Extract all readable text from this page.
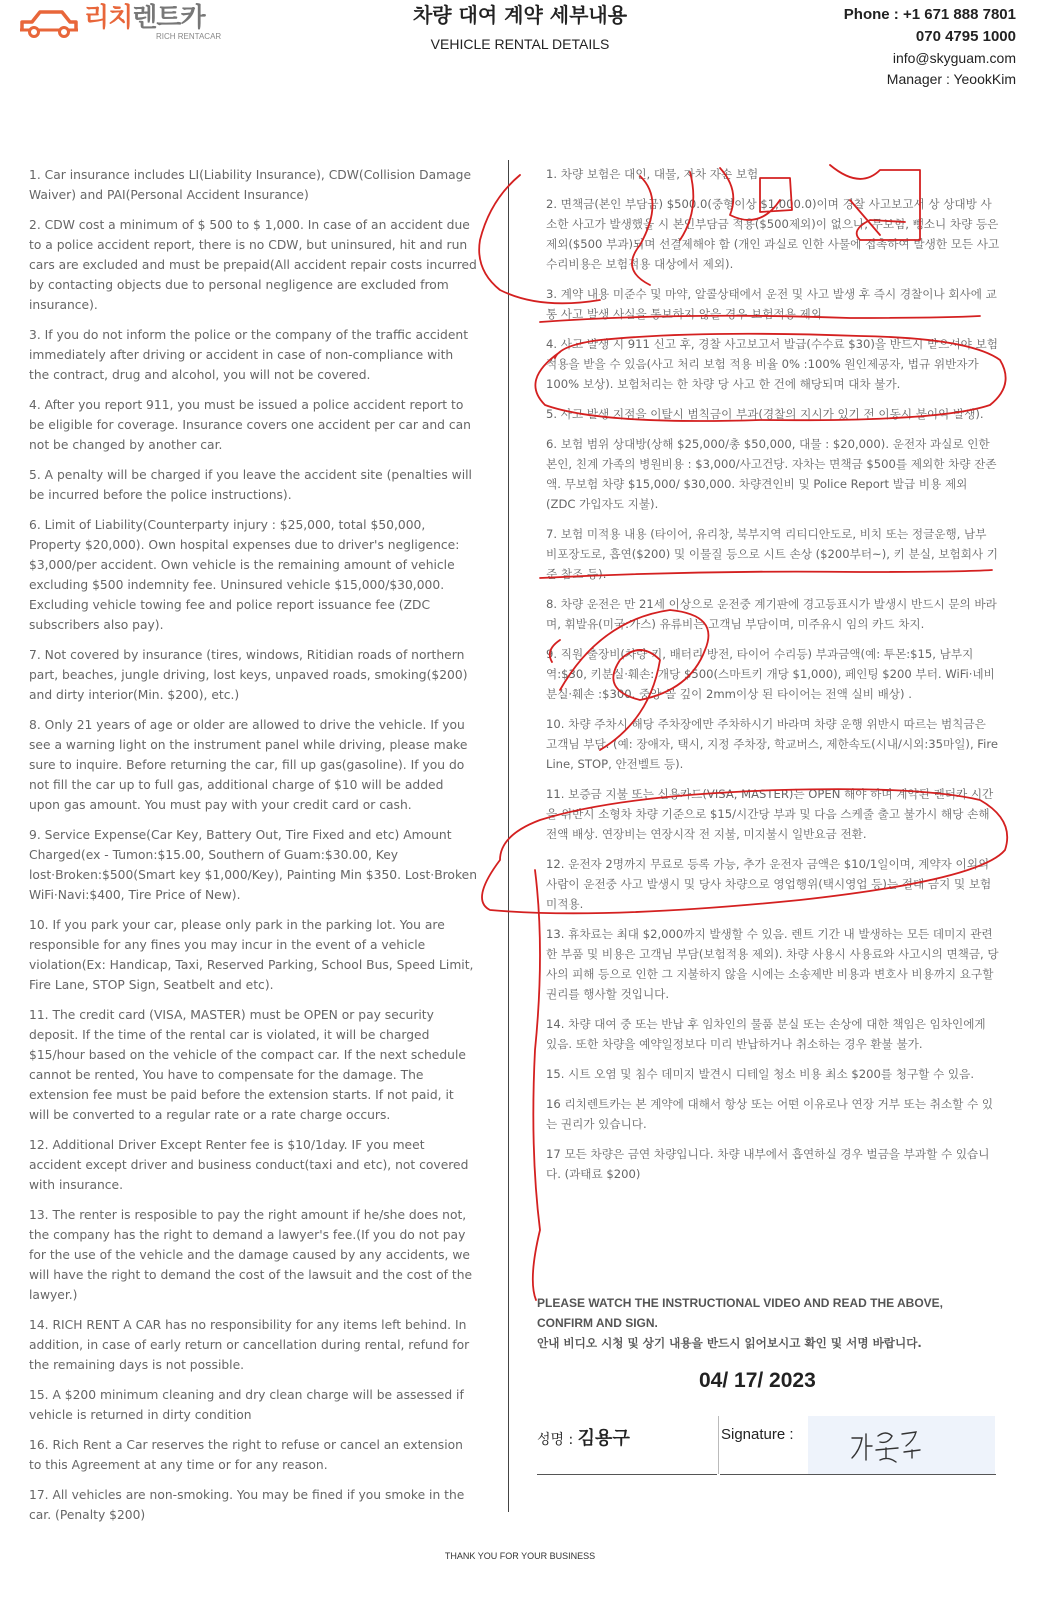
리치렌트카
RICH RENTACAR
차량 대여 계약 세부내용
VEHICLE RENTAL DETAILS
Phone : +1 671 888 7801
070 4795 1000
info@skyguam.com
Manager : YeookKim

1. Car insurance includes LI(Liability Insurance), CDW(Collision Damage Waiver) and PAI(Personal Accident Insurance)

2. CDW cost a minimum of $ 500 to $ 1,000. In case of an accident due to a police accident report, there is no CDW, but uninsured, hit and run cars are excluded and must be prepaid(All accident repair costs incurred by contacting objects due to personal negligence are excluded from insurance).

3. If you do not inform the police or the company of the traffic accident immediately after driving or accident in case of non-compliance with the contract, drug and alcohol, you will not be covered.

4. After you report 911, you must be issued a police accident report to be eligible for coverage. Insurance covers one accident per car and can not be changed by another car.

5. A penalty will be charged if you leave the accident site (penalties will be incurred before the police instructions).

6. Limit of Liability(Counterparty injury : $25,000, total $50,000, Property $20,000). Own hospital expenses due to driver's negligence: $3,000/per accident. Own vehicle is the remaining amount of vehicle excluding $500 indemnity fee. Uninsured vehicle $15,000/$30,000. Excluding vehicle towing fee and police report issuance fee (ZDC subscribers also pay).

7. Not covered by insurance (tires, windows, Ritidian roads of northern part, beaches, jungle driving, lost keys, unpaved roads, smoking($200) and dirty interior(Min. $200), etc.)

8. Only 21 years of age or older are allowed to drive the vehicle. If you see a warning light on the instrument panel while driving, please make sure to inquire. Before returning the car, fill up gas(gasoline). If you do not fill the car up to full gas, additional charge of $10 will be added upon gas amount. You must pay with your credit card or cash.

9. Service Expense(Car Key, Battery Out, Tire Fixed and etc) Amount Charged(ex - Tumon:$15.00, Southern of Guam:$30.00, Key lost·Broken:$500(Smart key $1,000/Key), Painting Min $350. Lost·Broken WiFi·Navi:$400, Tire Price of New).

10. If you park your car, please only park in the parking lot. You are responsible for any fines you may incur in the event of a vehicle violation(Ex: Handicap, Taxi, Reserved Parking, School Bus, Speed Limit, Fire Lane, STOP Sign, Seatbelt and etc).

11. The credit card (VISA, MASTER) must be OPEN or pay security deposit. If the time of the rental car is violated, it will be charged $15/hour based on the vehicle of the compact car. If the next schedule cannot be rented, You have to compensate for the damage. The extension fee must be paid before the extension starts. If not paid, it will be converted to a regular rate or a rate charge occurs.

12. Additional Driver Except Renter fee is $10/1day. IF you meet accident except driver and business conduct(taxi and etc), not covered with insurance.

13. The renter is resposible to pay the right amount if he/she does not, the company has the right to demand a lawyer's fee.(If you do not pay for the use of the vehicle and the damage caused by any accidents, we will have the right to demand the cost of the lawsuit and the cost of the lawyer.)

14. RICH RENT A CAR has no responsibility for any items left behind. In addition, in case of early return or cancellation during rental, refund for the remaining days is not possible.

15. A $200 minimum cleaning and dry clean charge will be assessed if vehicle is returned in dirty condition

16. Rich Rent a Car reserves the right to refuse or cancel an extension to this Agreement at any time or for any reason.

17. All vehicles are non-smoking. You may be fined if you smoke in the car. (Penalty $200)

1. 차량 보험은 대인, 대물, 자차 자손 보험

2. 면책금(본인 부담금) $500.0(중형이상 $1,000.0)이며 경찰 사고보고서 상 상대방 사소한 사고가 발생했을 시 본인부담금 적용($500제외)이 없으나, 무보험, 뺑소니 차량 등은 제외($500 부과)되며 선결제해야 함 (개인 과실로 인한 사물에 접촉하여 발생한 모든 사고 수리비용은 보험적용 대상에서 제외).

3. 계약 내용 미준수 및 마약, 알콜상태에서 운전 및 사고 발생 후 즉시 경찰이나 회사에 교통 사고 발생 사실을 통보하지 않을 경우 보험적용 제외.

4. 사고 발생 시 911 신고 후, 경찰 사고보고서 발급(수수료 $30)을 반드시 받으셔야 보험 적용을 받을 수 있음(사고 처리 보험 적용 비율 0% :100% 원인제공자, 법규 위반자가 100% 보상). 보험처리는 한 차량 당 사고 한 건에 해당되며 대차 불가.

5. 사고 발생 지점을 이탈시 범칙금이 부과(경찰의 지시가 있기 전 이동시 불이익 발생).

6. 보험 범위 상대방(상해 $25,000/총 $50,000, 대물 : $20,000). 운전자 과실로 인한 본인, 친계 가족의 병원비용 : $3,000/사고건당. 자차는 면책금 $500를 제외한 차량 잔존액. 무보험 차량 $15,000/ $30,000. 차량견인비 및 Police Report 발급 비용 제외 (ZDC 가입자도 지불).

7. 보험 미적용 내용 (타이어, 유리창, 북부지역 리티디안도로, 비치 또는 정글운행, 남부 비포장도로, 흡연($200) 및 이물질 등으로 시트 손상 ($200부터~), 키 분실, 보험회사 기준 참조 등).

8. 차량 운전은 만 21세 이상으로 운전중 계기판에 경고등표시가 발생시 반드시 문의 바라며, 휘발유(미국:가스) 유류비는 고객님 부담이며, 미주유시 임의 카드 차지.

9. 직원 출장비(차량 키, 배터리 방전, 타이어 수리등) 부과금액(예: 투몬:$15, 남부지역:$30, 키분실·훼손: 개당 $500(스마트키 개당 $1,000), 페인팅 $200 부터. WiFi·네비 분실·훼손 :$300. 중앙 골 깊이 2mm이상 된 타이어는 전액 실비 배상) .

10. 차량 주차시 해당 주차장에만 주차하시기 바라며 차량 운행 위반시 따르는 범칙금은 고객님 부담. (예: 장애자, 택시, 지정 주차장, 학교버스, 제한속도(시내/시외:35마일), Fire Line, STOP, 안전벨트 등).

11. 보증금 지불 또는 신용카드(VISA, MASTER)는 OPEN 해야 하며 계약된 렌터카 시간을 위반시 소형차 차량 기준으로 $15/시간당 부과 및 다음 스케줄 출고 불가시 해당 손해 전액 배상. 연장비는 연장시작 전 지불, 미지불시 일반요금 전환.

12. 운전자 2명까지 무료로 등록 가능, 추가 운전자 금액은 $10/1일이며, 계약자 이외의 사람이 운전중 사고 발생시 및 당사 차량으로 영업행위(택시영업 등)는 절대 금지 및 보험 미적용.

13. 휴차료는 최대 $2,000까지 발생할 수 있음. 렌트 기간 내 발생하는 모든 데미지 관련한 부품 및 비용은 고객님 부담(보험적용 제외). 차량 사용시 사용료와 사고시의 면책금, 당사의 피해 등으로 인한 그 지불하지 않을 시에는 소송제반 비용과 변호사 비용까지 요구할 권리를 행사할 것입니다.

14. 차량 대여 중 또는 반납 후 임차인의 물품 분실 또는 손상에 대한 책임은 임차인에게 있음. 또한 차량을 예약일정보다 미리 반납하거나 취소하는 경우 환불 불가.

15. 시트 오염 및 침수 데미지 발견시 디테일 청소 비용 최소 $200를 청구할 수 있음.

16 리치렌트카는 본 계약에 대해서 항상 또는 어떤 이유로나 연장 거부 또는 취소할 수 있는 권리가 있습니다.

17 모든 차량은 금연 차량입니다. 차량 내부에서 흡연하실 경우 벌금을 부과할 수 있습니다. (과태료 $200)

PLEASE WATCH THE INSTRUCTIONAL VIDEO AND READ THE ABOVE, CONFIRM AND SIGN.
안내 비디오 시청 및 상기 내용을 반드시 읽어보시고 확인 및 서명 바랍니다.
04/ 17/ 2023
성명 : 김용구	Signature :
THANK YOU FOR YOUR BUSINESS
